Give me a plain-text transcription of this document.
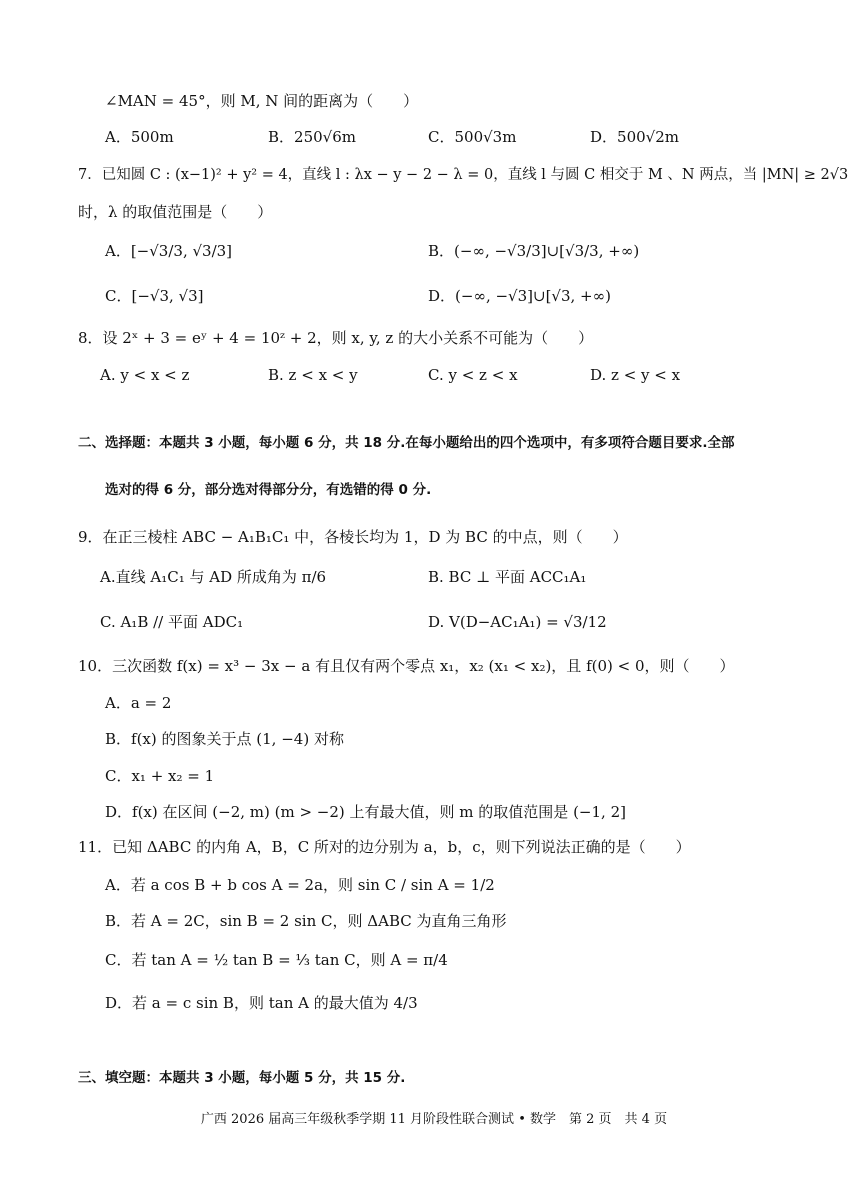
∠MAN = 45°，则 M, N 间的距离为（　　）
A．500m	B．250√6m	C．500√3m	D．500√2m
7．已知圆 C : (x−1)² + y² = 4，直线 l : λx − y − 2 − λ = 0，直线 l 与圆 C 相交于 M 、N 两点，当 |MN| ≥ 2√3
时，λ 的取值范围是（　　）
A．[−√3/3, √3/3]	B．(−∞, −√3/3]∪[√3/3, +∞)
C．[−√3, √3]	D．(−∞, −√3]∪[√3, +∞)
8．设 2ˣ + 3 = eʸ + 4 = 10ᶻ + 2，则 x, y, z 的大小关系不可能为（　　）
A. y < x < z	B. z < x < y	C. y < z < x	D. z < y < x
二、选择题：本题共 3 小题，每小题 6 分，共 18 分.在每小题给出的四个选项中，有多项符合题目要求.全部
选对的得 6 分，部分选对得部分分，有选错的得 0 分.
9．在正三棱柱 ABC − A₁B₁C₁ 中，各棱长均为 1，D 为 BC 的中点，则（　　）
A.直线 A₁C₁ 与 AD 所成角为 π/6	B. BC ⊥ 平面 ACC₁A₁
C. A₁B // 平面 ADC₁	D. V(D−AC₁A₁) = √3/12
10．三次函数 f(x) = x³ − 3x − a 有且仅有两个零点 x₁，x₂ (x₁ < x₂)，且 f(0) < 0，则（　　）
A．a = 2
B．f(x) 的图象关于点 (1, −4) 对称
C．x₁ + x₂ = 1
D．f(x) 在区间 (−2, m) (m > −2) 上有最大值，则 m 的取值范围是 (−1, 2]
11．已知 ΔABC 的内角 A，B，C 所对的边分别为 a，b，c，则下列说法正确的是（　　）
A．若 a cos B + b cos A = 2a，则 sin C / sin A = 1/2
B．若 A = 2C，sin B = 2 sin C，则 ΔABC 为直角三角形
C．若 tan A = ½ tan B = ⅓ tan C，则 A = π/4
D．若 a = c sin B，则 tan A 的最大值为 4/3
三、填空题：本题共 3 小题，每小题 5 分，共 15 分.
广西 2026 届高三年级秋季学期 11 月阶段性联合测试 • 数学　第 2 页　共 4 页
